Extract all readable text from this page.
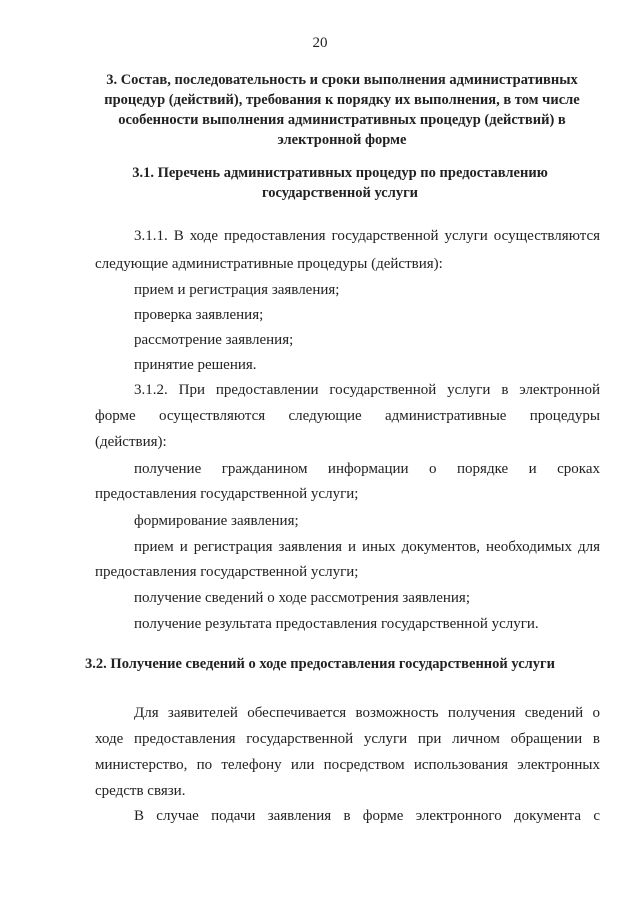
20
3. Состав, последовательность и сроки выполнения административных
процедур (действий), требования к порядку их выполнения, в том числе
особенности выполнения административных процедур (действий) в
электронной форме
3.1. Перечень административных процедур по предоставлению
государственной услуги
3.1.1. В ходе предоставления государственной услуги осуществляются
следующие административные процедуры (действия):
прием и регистрация заявления;
проверка заявления;
рассмотрение заявления;
принятие решения.
3.1.2. При предоставлении государственной услуги в электронной
форме осуществляются следующие административные процедуры
(действия):
получение гражданином информации о порядке и сроках
предоставления государственной услуги;
формирование заявления;
прием и регистрация заявления и иных документов, необходимых для
предоставления государственной услуги;
получение сведений о ходе рассмотрения заявления;
получение результата предоставления государственной услуги.
3.2. Получение сведений о ходе предоставления государственной услуги
Для заявителей обеспечивается возможность получения сведений о
ходе предоставления государственной услуги при личном обращении в
министерство, по телефону или посредством использования электронных
средств связи.
В случае подачи заявления в форме электронного документа с
